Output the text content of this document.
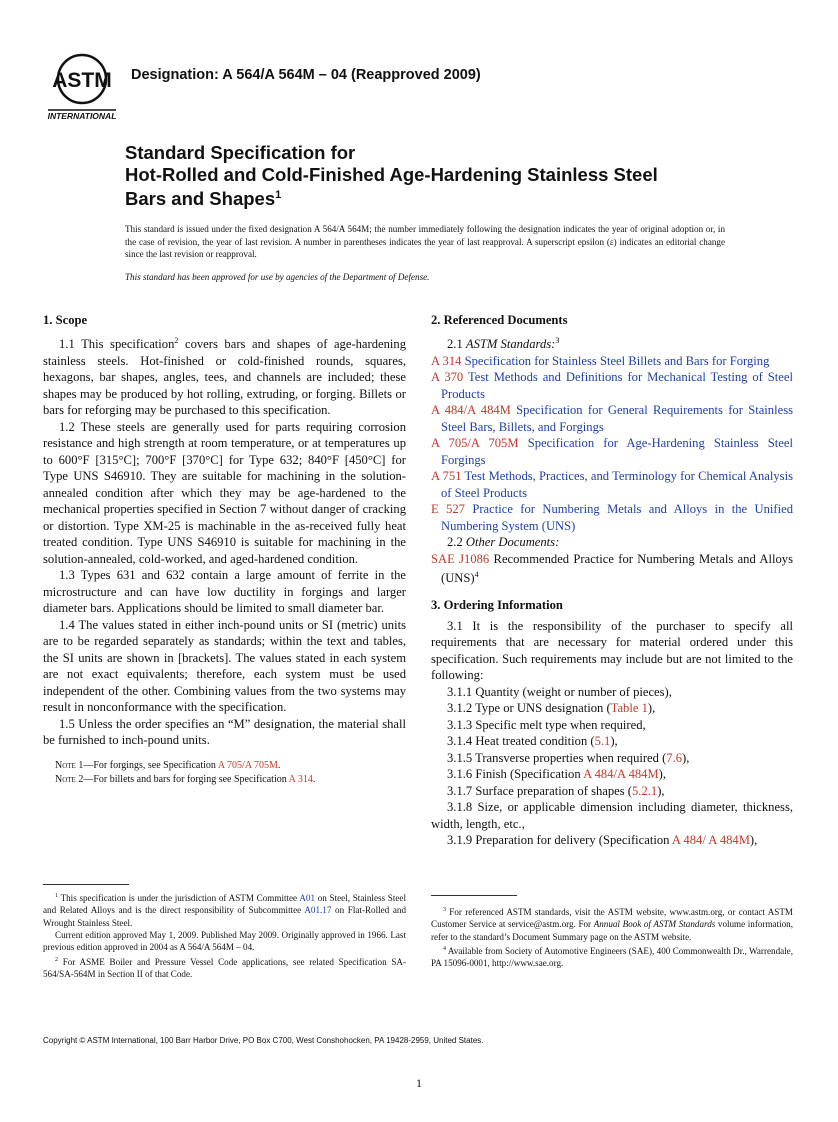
ASTM
INTERNATIONAL
Designation: A 564/A 564M – 04 (Reapproved 2009)
Standard Specification for
Hot-Rolled and Cold-Finished Age-Hardening Stainless Steel
Bars and Shapes$^1$
This standard is issued under the fixed designation A 564/A 564M; the number immediately following the designation indicates the year of original adoption or, in the case of revision, the year of last revision. A number in parentheses indicates the year of last reapproval. A superscript epsilon (ε) indicates an editorial change since the last revision or reapproval.
This standard has been approved for use by agencies of the Department of Defense.
1. Scope

1.1 This specification$^2$ covers bars and shapes of age-hardening stainless steels. Hot-finished or cold-finished rounds, squares, hexagons, bar shapes, angles, tees, and channels are included; these shapes may be produced by hot rolling, extruding, or forging. Billets or bars for reforging may be purchased to this specification.

1.2 These steels are generally used for parts requiring corrosion resistance and high strength at room temperature, or at temperatures up to 600°F [315°C]; 700°F [370°C] for Type 632; 840°F [450°C] for Type UNS S46910. They are suitable for machining in the solution-annealed condition after which they may be age-hardened to the mechanical properties specified in Section 7 without danger of cracking or distortion. Type XM-25 is machinable in the as-received fully heat treated condition. Type UNS S46910 is suitable for machining in the solution-annealed, cold-worked, and aged-hardened condition.

1.3 Types 631 and 632 contain a large amount of ferrite in the microstructure and can have low ductility in forgings and larger diameter bars. Applications should be limited to small diameter bar.

1.4 The values stated in either inch-pound units or SI (metric) units are to be regarded separately as standards; within the text and tables, the SI units are shown in [brackets]. The values stated in each system are not exact equivalents; therefore, each system must be used independent of the other. Combining values from the two systems may result in nonconformance with the specification.

1.5 Unless the order specifies an “M” designation, the material shall be furnished to inch-pound units.

Note 1—For forgings, see Specification A 705/A 705M.

Note 2—For billets and bars for forging see Specification A 314.

2. Referenced Documents

2.1 ASTM Standards:$^3$

A 314 Specification for Stainless Steel Billets and Bars for Forging

A 370 Test Methods and Definitions for Mechanical Testing of Steel Products

A 484/A 484M Specification for General Requirements for Stainless Steel Bars, Billets, and Forgings

A 705/A 705M Specification for Age-Hardening Stainless Steel Forgings

A 751 Test Methods, Practices, and Terminology for Chemical Analysis of Steel Products

E 527 Practice for Numbering Metals and Alloys in the Unified Numbering System (UNS)

2.2 Other Documents:

SAE J1086 Recommended Practice for Numbering Metals and Alloys (UNS)$^4$

3. Ordering Information

3.1 It is the responsibility of the purchaser to specify all requirements that are necessary for material ordered under this specification. Such requirements may include but are not limited to the following:

3.1.1 Quantity (weight or number of pieces),

3.1.2 Type or UNS designation (Table 1),

3.1.3 Specific melt type when required,

3.1.4 Heat treated condition (5.1),

3.1.5 Transverse properties when required (7.6),

3.1.6 Finish (Specification A 484/A 484M),

3.1.7 Surface preparation of shapes (5.2.1),

3.1.8 Size, or applicable dimension including diameter, thickness, width, length, etc.,

3.1.9 Preparation for delivery (Specification A 484/ A 484M),

$^1$ This specification is under the jurisdiction of ASTM Committee A01 on Steel, Stainless Steel and Related Alloys and is the direct responsibility of Subcommittee A01.17 on Flat-Rolled and Wrought Stainless Steel.

Current edition approved May 1, 2009. Published May 2009. Originally approved in 1966. Last previous edition approved in 2004 as A 564/A 564M – 04.

$^2$ For ASME Boiler and Pressure Vessel Code applications, see related Specification SA-564/SA-564M in Section II of that Code.

$^3$ For referenced ASTM standards, visit the ASTM website, www.astm.org, or contact ASTM Customer Service at service@astm.org. For Annual Book of ASTM Standards volume information, refer to the standard’s Document Summary page on the ASTM website.

$^4$ Available from Society of Automotive Engineers (SAE), 400 Commonwealth Dr., Warrendale, PA 15096-0001, http://www.sae.org.

Copyright © ASTM International, 100 Barr Harbor Drive, PO Box C700, West Conshohocken, PA 19428-2959, United States.
1
